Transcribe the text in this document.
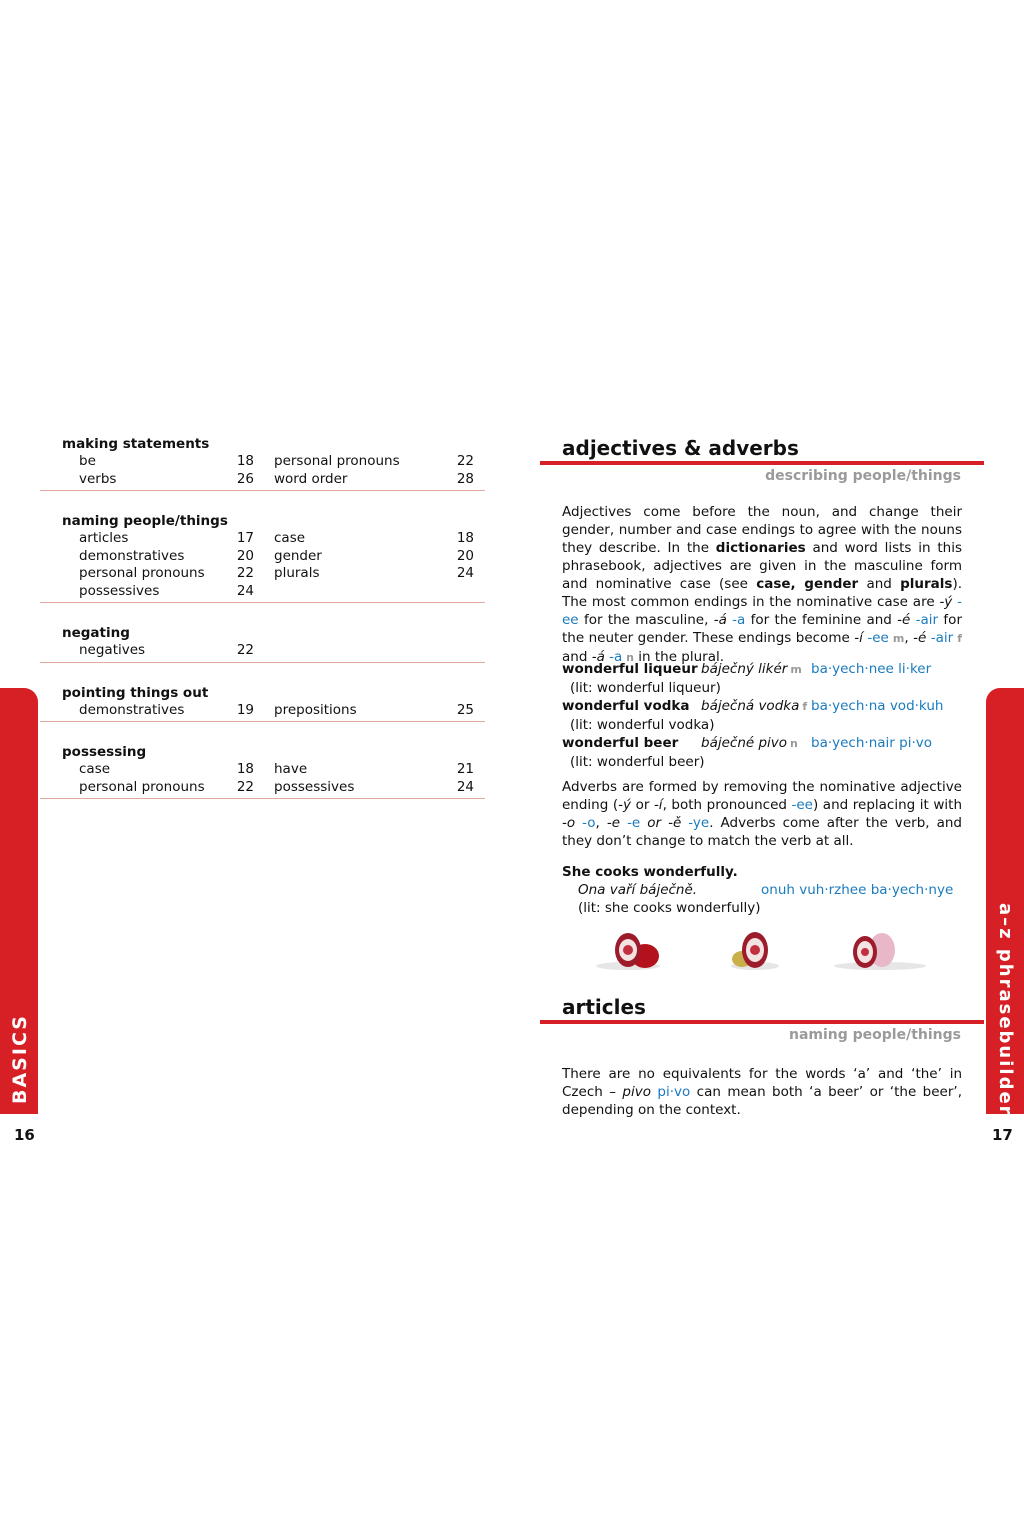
making statements
be	18	personal pronouns	22
verbs	26	word order	28
naming people/things
articles	17	case	18
demonstratives	20	gender	20
personal pronouns	22	plurals	24
possessives	24
negating
negatives	22
pointing things out
demonstratives	19	prepositions	25
possessing
case	18	have	21
personal pronouns	22	possessives	24
BASICS
16
a–z phrasebuilder
17
adjectives & adverbs
describing people/things
Adjectives come before the noun, and change their gender, number and case endings to agree with the nouns they describe. In the dictionaries and word lists in this phrasebook, adjectives are given in the masculine form and nominative case (see case, gender and plurals). The most common endings in the nominative case are -ý -ee for the masculine, -á -a for the feminine and -é -air for the neuter gender. These endings become -í -ee m, -é -air f and -á -a n in the plural.
wonderful liqueur báječný likér m ba·yech·nee li·ker
(lit: wonderful liqueur)
wonderful vodka báječná vodka f ba·yech·na vod·kuh
(lit: wonderful vodka)
wonderful beer	báječné pivo n ba·yech·nair pi·vo
(lit: wonderful beer)
Adverbs are formed by removing the nominative adjective ending (-ý or -í, both pronounced -ee) and replacing it with -o -o, -e -e or -ě -ye. Adverbs come after the verb, and they don’t change to match the verb at all.
She cooks wonderfully.
Ona vaří báječně.	onuh vuh·rzhee ba·yech·nye
(lit: she cooks wonderfully)
articles
naming people/things
There are no equivalents for the words ‘a’ and ‘the’ in Czech – pivo pi·vo can mean both ‘a beer’ or ‘the beer’, depending on the context.
